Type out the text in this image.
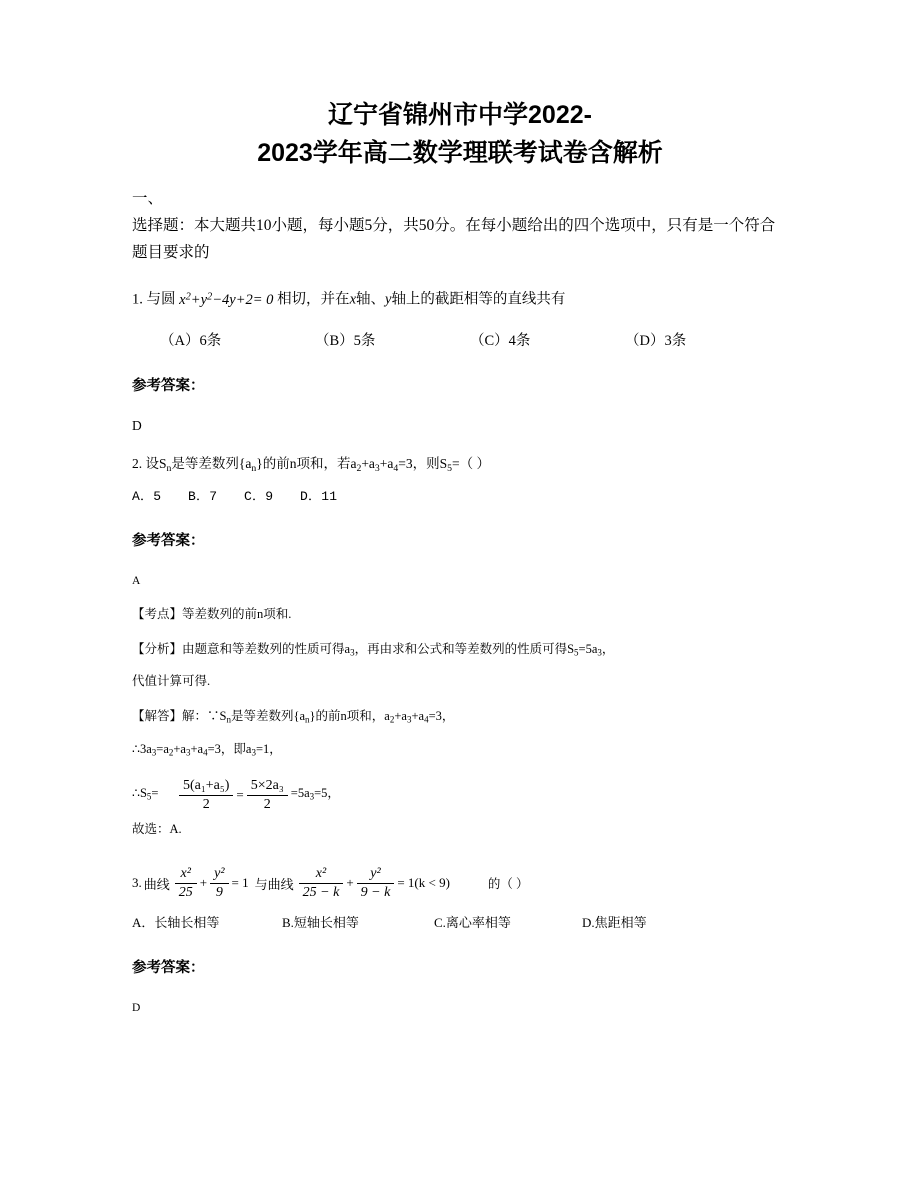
辽宁省锦州市中学2022-
2023学年高二数学理联考试卷含解析
一、
选择题：本大题共10小题，每小题5分，共50分。在每小题给出的四个选项中，只有是一个符合题目要求的
1. 与圆 $x^2+y^2-4y+2= 0$ 相切，并在x轴、y轴上的截距相等的直线共有
（A）6条	（B）5条	（C）4条	（D）3条
参考答案：
D
2. 设$S_n$是等差数列$\{a_n\}$的前n项和，若$a_2+a_3+a_4=3$，则$S_5=$（ ）
A．5 B．7 C．9 D．11
参考答案：
A
【考点】等差数列的前n项和.
【分析】由题意和等差数列的性质可得$a_3$，再由求和公式和等差数列的性质可得$S_5=5a_3$，
代值计算可得.
【解答】解：$\because S_n$是等差数列$\{a_n\}$的前n项和，$a_2+a_3+a_4=3$，
$\therefore 3a_3=a_2+a_3+a_4=3$，即$a_3=1$，
$\therefore S_5=$	$\frac{\text{5(a₁+a₅)}}{2} = \frac{\text{5×2a₃}}{2} =5a_3=5$，
故选：A.
3. 曲线 $\frac{\text{x²}}{25} + \frac{\text{y²}}{9} = 1$ 与曲线 $\frac{\text{x²}}{25 - k} + \frac{\text{y²}}{9 - k} = 1(k < 9)$	的（ ）
A．长轴长相等	B.短轴长相等	C.离心率相等	D.焦距相等
参考答案：
D
